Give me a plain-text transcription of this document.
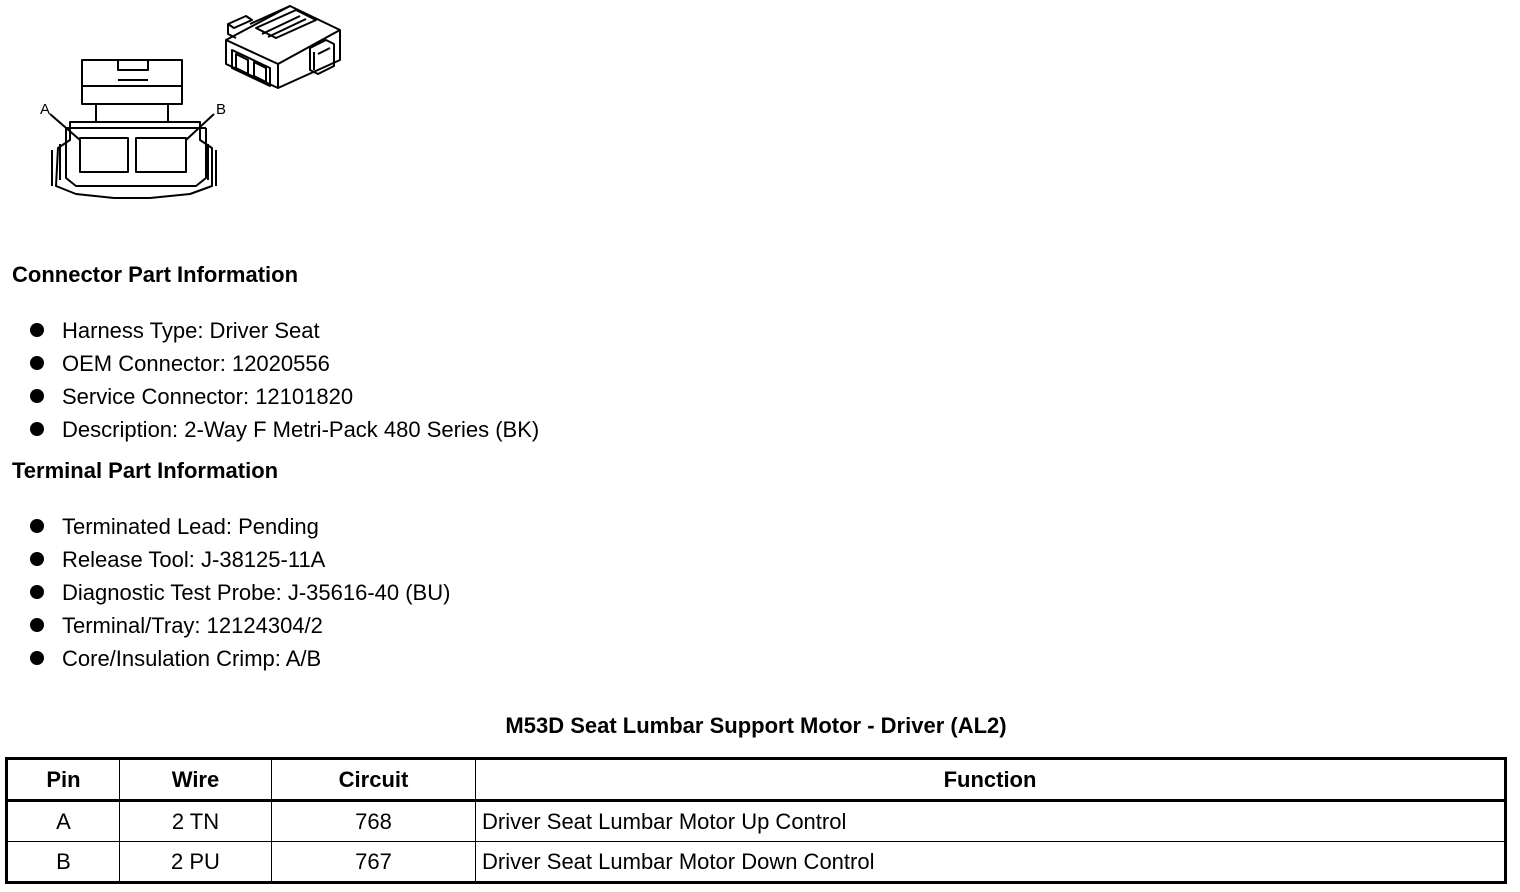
A	B
Connector Part Information
Harness Type: Driver Seat
OEM Connector: 12020556
Service Connector: 12101820
Description: 2-Way F Metri-Pack 480 Series (BK)
Terminal Part Information
Terminated Lead: Pending
Release Tool: J-38125-11A
Diagnostic Test Probe: J-35616-40 (BU)
Terminal/Tray: 12124304/2
Core/Insulation Crimp: A/B
M53D Seat Lumbar Support Motor - Driver (AL2)
Pin	Wire	Circuit	Function
A	2 TN	768	Driver Seat Lumbar Motor Up Control
B	2 PU	767	Driver Seat Lumbar Motor Down Control
